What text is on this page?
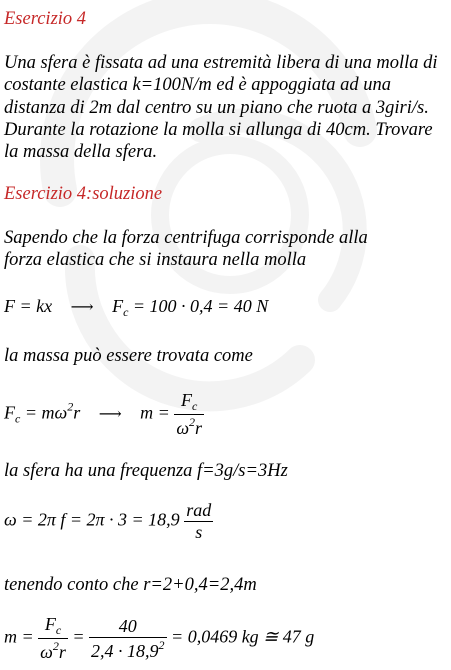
Esercizio 4
Una sfera è fissata ad una estremità libera di una molla di
costante elastica k=100N/m ed è appoggiata ad una
distanza di 2m dal centro su un piano che ruota a 3giri/s.
Durante la rotazione la molla si allunga di 40cm. Trovare
la massa della sfera.
Esercizio 4:soluzione
Sapendo che la forza centrifuga corrisponde alla
forza elastica che si instaura nella molla
F = kx ⟶ $F_c = 100 \cdot 0,4 = 40$ N
la massa può essere trovata come
$F_c = m\omega^2r$ ⟶ $m = \frac{F_c}{\omega^2r}$
la sfera ha una frequenza f=3g/s=3Hz
ω = 2π $f = 2\pi \cdot 3 = 18,9 \frac{\text{rad}}{s}$
tenendo conto che r=2+0,4=2,4m
$m = \frac{F_c}{\omega^2r} = \frac{40}{2,4 \cdot 18,9^2} = 0,0469$ kg ≅ 47 g
